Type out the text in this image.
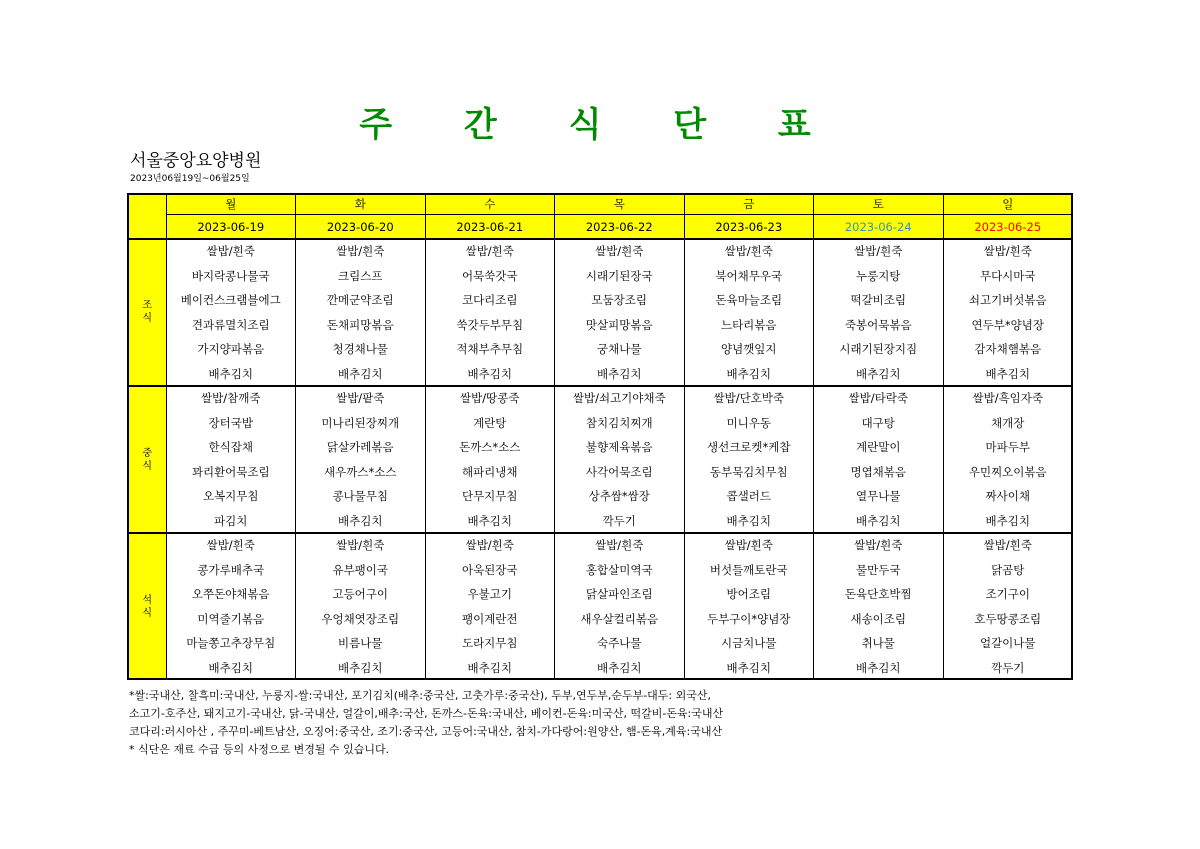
주 간 식 단 표
서울중앙요양병원
2023년06월19일~06월25일
	월	화	수	목	금	토	일
	2023-06-19	2023-06-20	2023-06-21	2023-06-22	2023-06-23	2023-06-24	2023-06-25
조
식	쌀밥/흰죽	쌀밥/흰죽	쌀밥/흰죽	쌀밥/흰죽	쌀밥/흰죽	쌀밥/흰죽	쌀밥/흰죽
	바지락콩나물국	크림스프	어묵쑥갓국	시래기된장국	북어채무우국	누룽지탕	무다시마국
	베이컨스크램블에그	깐메군약조림	코다리조림	모둠장조림	돈육마늘조림	떡갈비조림	쇠고기버섯볶음
	견과류멸치조림	돈채피망볶음	쑥갓두부무침	맛살피망볶음	느타리볶음	죽봉어묵볶음	연두부*양념장
	가지양파볶음	청경채나물	적채부추무침	궁채나물	양념깻잎지	시래기된장지짐	감자채햄볶음
	배추김치	배추김치	배추김치	배추김치	배추김치	배추김치	배추김치
중
식	쌀밥/참깨죽	쌀밥/팥죽	쌀밥/땅콩죽	쌀밥/쇠고기야채죽	쌀밥/단호박죽	쌀밥/타락죽	쌀밥/흑임자죽
	장터국밥	미나리된장찌개	계란탕	참치김치찌개	미니우동	대구탕	채개장
	한식잡채	닭살카레볶음	돈까스*소스	불향제육볶음	생선크로켓*케찹	계란말이	마파두부
	꽈리환어묵조림	새우까스*소스	해파리냉채	사각어묵조림	동부묵김치무침	명엽채볶음	우민찌오이볶음
	오복지무침	콩나물무침	단무지무침	상추쌈*쌈장	콥샐러드	열무나물	짜사이채
	파김치	배추김치	배추김치	깍두기	배추김치	배추김치	배추김치
석
식	쌀밥/흰죽	쌀밥/흰죽	쌀밥/흰죽	쌀밥/흰죽	쌀밥/흰죽	쌀밥/흰죽	쌀밥/흰죽
	콩가루배추국	유부팽이국	아욱된장국	홍합살미역국	버섯들깨토란국	물만두국	닭곰탕
	오쭈돈야채볶음	고등어구이	우불고기	닭살파인조림	방어조림	돈육단호박찜	조기구이
	미역줄기볶음	우엉채엿장조림	팽이계란전	새우살컬리볶음	두부구이*양념장	새송이조림	호두땅콩조림
	마늘쫑고추장무침	비름나물	도라지무침	숙주나물	시금치나물	취나물	얼갈이나물
	배추김치	배추김치	배추김치	배추김치	배추김치	배추김치	깍두기
*쌀:국내산, 찰흑미:국내산, 누룽지-쌀:국내산, 포기김치(배추:중국산, 고춧가루:중국산), 두부,연두부,순두부-대두: 외국산,
소고기-호주산, 돼지고기-국내산, 닭-국내산, 얼갈이,배추:국산, 돈까스-돈육:국내산, 베이컨-돈육:미국산, 떡갈비-돈육:국내산
코다리:러시아산 , 주꾸미-베트남산, 오징어:중국산, 조기:중국산, 고등어:국내산, 참치-가다랑어:원양산, 햄-돈육,계육:국내산
* 식단은 재료 수급 등의 사정으로 변경될 수 있습니다.
